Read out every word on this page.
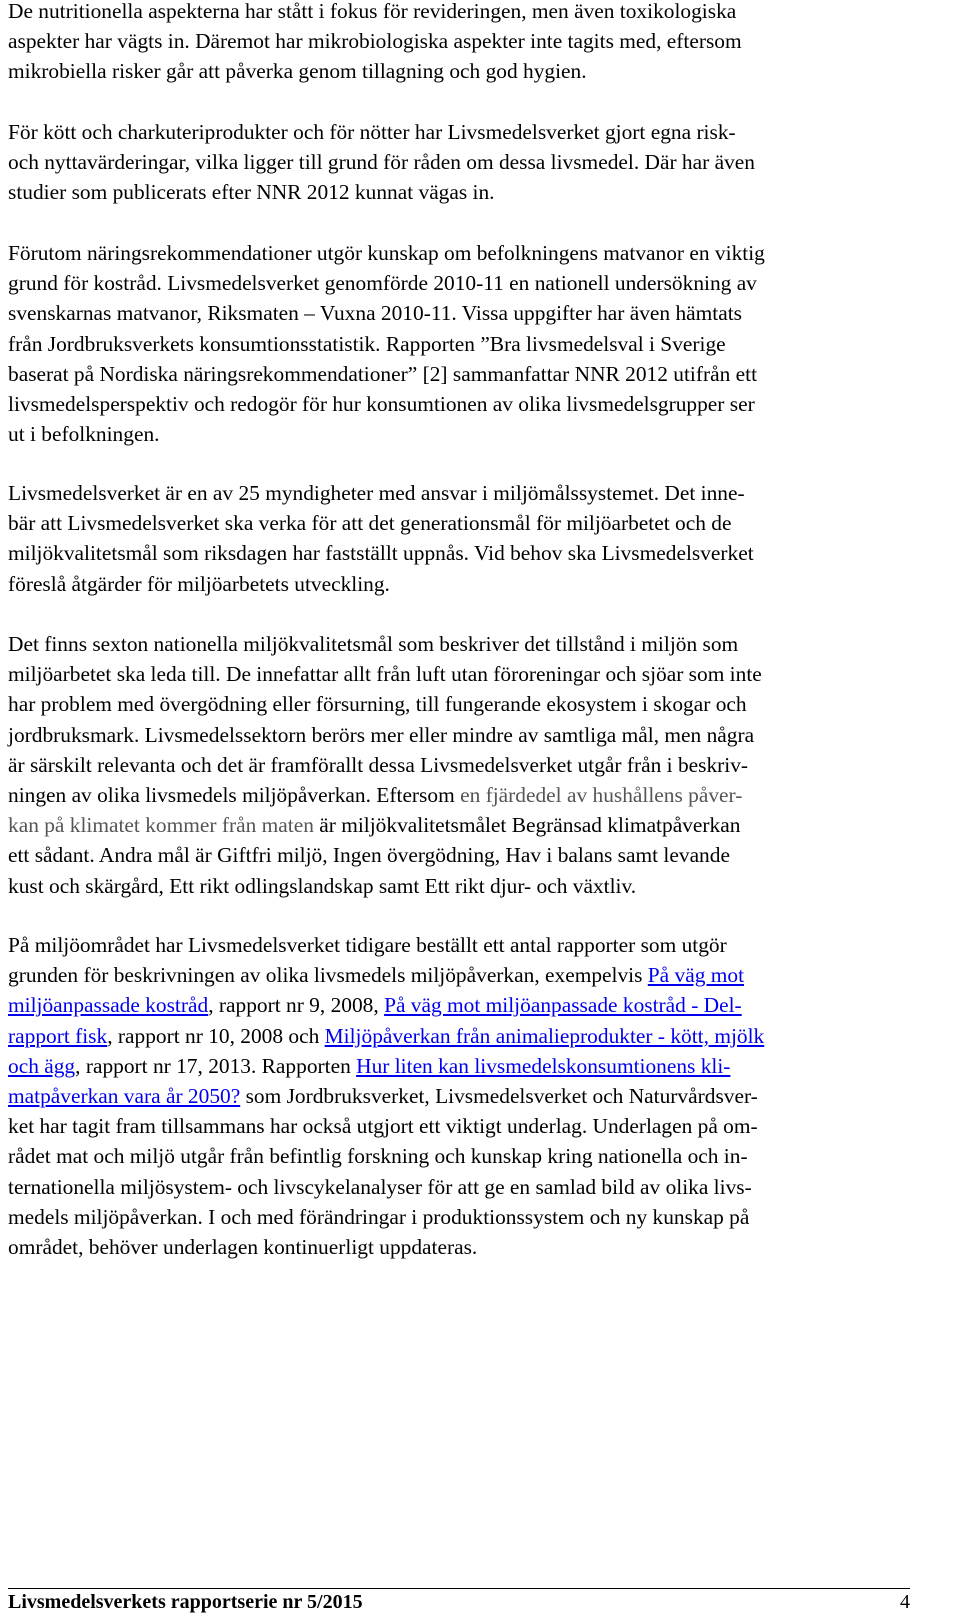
De nutritionella aspekterna har stått i fokus för revideringen, men även toxikologiska
aspekter har vägts in. Däremot har mikrobiologiska aspekter inte tagits med, eftersom
mikrobiella risker går att påverka genom tillagning och god hygien.

För kött och charkuteriprodukter och för nötter har Livsmedelsverket gjort egna risk-
och nyttavärderingar, vilka ligger till grund för råden om dessa livsmedel. Där har även
studier som publicerats efter NNR 2012 kunnat vägas in.

Förutom näringsrekommendationer utgör kunskap om befolkningens matvanor en viktig
grund för kostråd. Livsmedelsverket genomförde 2010-11 en nationell undersökning av
svenskarnas matvanor, Riksmaten – Vuxna 2010-11. Vissa uppgifter har även hämtats
från Jordbruksverkets konsumtionsstatistik. Rapporten ”Bra livsmedelsval i Sverige
baserat på Nordiska näringsrekommendationer” [2] sammanfattar NNR 2012 utifrån ett
livsmedelsperspektiv och redogör för hur konsumtionen av olika livsmedelsgrupper ser
ut i befolkningen.

Livsmedelsverket är en av 25 myndigheter med ansvar i miljömålssystemet. Det inne-
bär att Livsmedelsverket ska verka för att det generationsmål för miljöarbetet och de
miljökvalitetsmål som riksdagen har fastställt uppnås. Vid behov ska Livsmedelsverket
föreslå åtgärder för miljöarbetets utveckling.

Det finns sexton nationella miljökvalitetsmål som beskriver det tillstånd i miljön som
miljöarbetet ska leda till. De innefattar allt från luft utan föroreningar och sjöar som inte
har problem med övergödning eller försurning, till fungerande ekosystem i skogar och
jordbruksmark. Livsmedelssektorn berörs mer eller mindre av samtliga mål, men några
är särskilt relevanta och det är framförallt dessa Livsmedelsverket utgår från i beskriv-
ningen av olika livsmedels miljöpåverkan. Eftersom en fjärdedel av hushållens påver-
kan på klimatet kommer från maten är miljökvalitetsmålet Begränsad klimatpåverkan
ett sådant. Andra mål är Giftfri miljö, Ingen övergödning, Hav i balans samt levande
kust och skärgård, Ett rikt odlingslandskap samt Ett rikt djur- och växtliv.

På miljöområdet har Livsmedelsverket tidigare beställt ett antal rapporter som utgör
grunden för beskrivningen av olika livsmedels miljöpåverkan, exempelvis På väg mot
miljöanpassade kostråd, rapport nr 9, 2008, På väg mot miljöanpassade kostråd - Del-
rapport fisk, rapport nr 10, 2008 och Miljöpåverkan från animalieprodukter - kött, mjölk
och ägg, rapport nr 17, 2013. Rapporten Hur liten kan livsmedelskonsumtionens kli-
matpåverkan vara år 2050? som Jordbruksverket, Livsmedelsverket och Naturvårdsver-
ket har tagit fram tillsammans har också utgjort ett viktigt underlag. Underlagen på om-
rådet mat och miljö utgår från befintlig forskning och kunskap kring nationella och in-
ternationella miljösystem- och livscykelanalyser för att ge en samlad bild av olika livs-
medels miljöpåverkan. I och med förändringar i produktionssystem och ny kunskap på
området, behöver underlagen kontinuerligt uppdateras.

Livsmedelsverkets rapportserie nr 5/2015	4
